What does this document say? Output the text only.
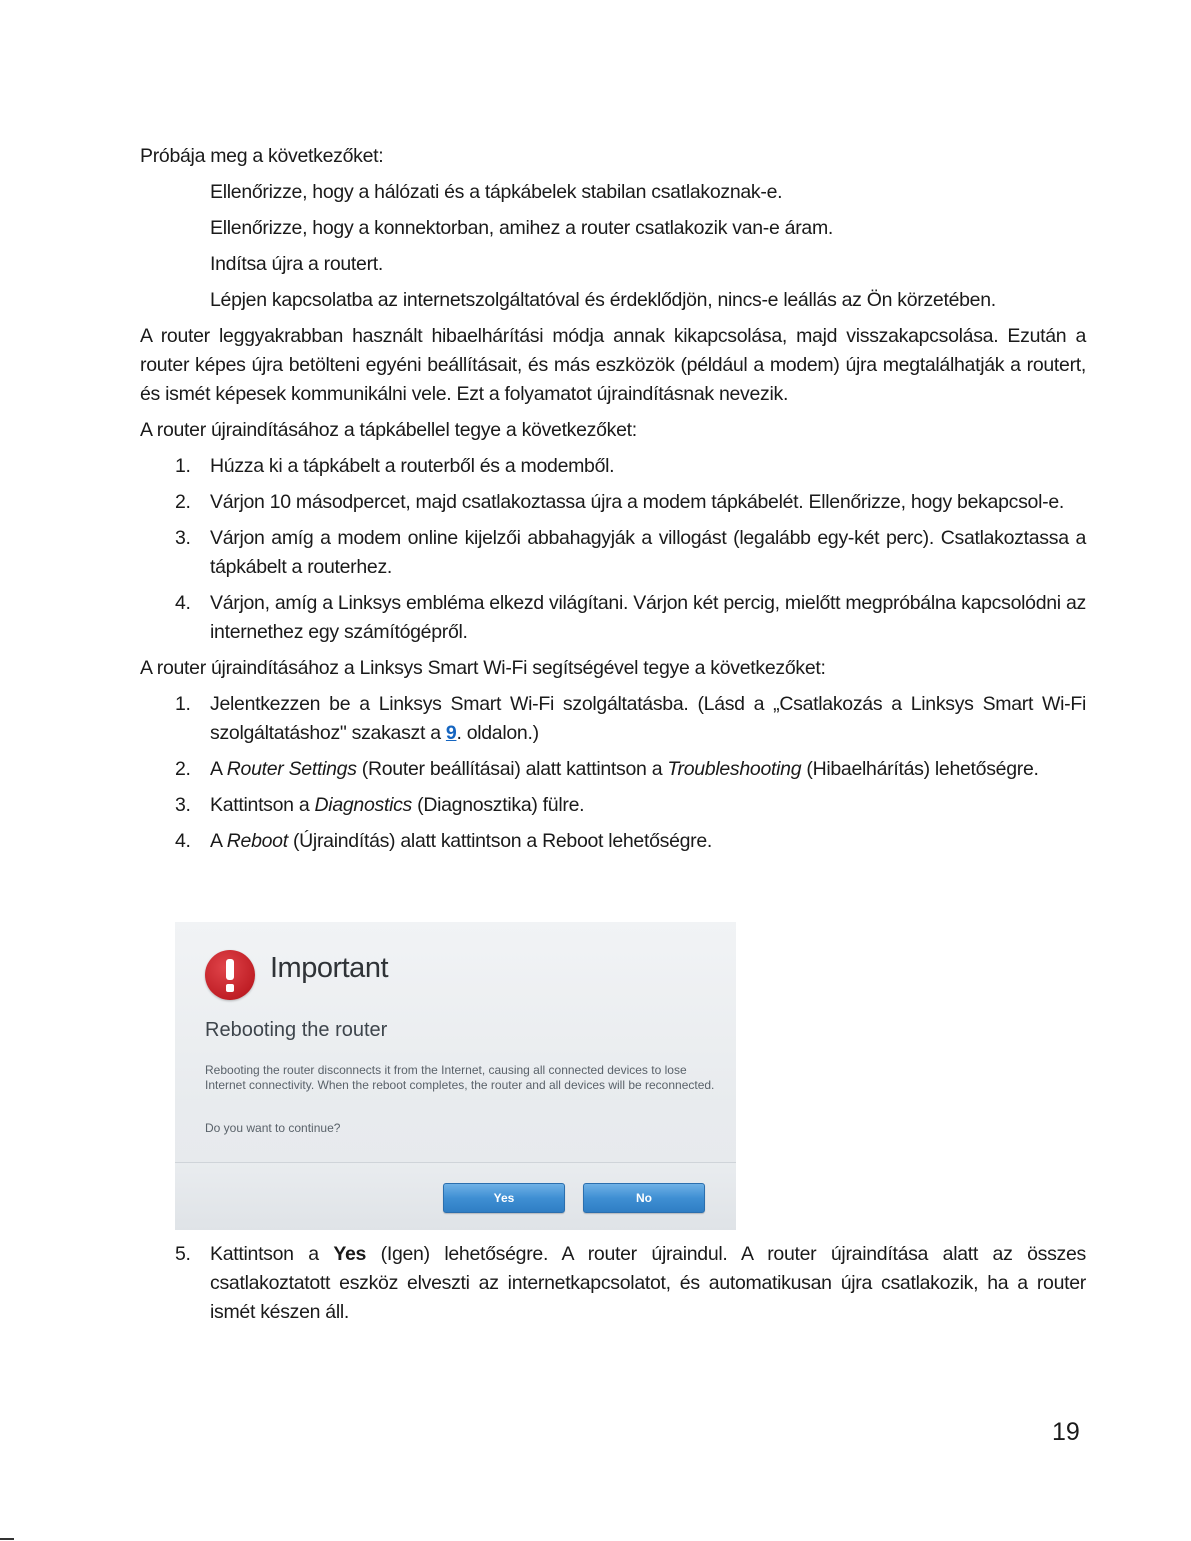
Próbája meg a következőket:

Ellenőrizze, hogy a hálózati és a tápkábelek stabilan csatlakoznak-e.
Ellenőrizze, hogy a konnektorban, amihez a router csatlakozik van-e áram.
Indítsa újra a routert.
Lépjen kapcsolatba az internetszolgáltatóval és érdeklődjön, nincs-e leállás az Ön körzetében.

A router leggyakrabban használt hibaelhárítási módja annak kikapcsolása, majd visszakapcsolása. Ezután a router képes újra betölteni egyéni beállításait, és más eszközök (például a modem) újra megtalálhatják a routert, és ismét képesek kommunikálni vele. Ezt a folyamatot újraindításnak nevezik.

A router újraindításához a tápkábellel tegye a következőket:

1. Húzza ki a tápkábelt a routerből és a modemből.
2. Várjon 10 másodpercet, majd csatlakoztassa újra a modem tápkábelét. Ellenőrizze, hogy bekapcsol-e.
3. Várjon amíg a modem online kijelzői abbahagyják a villogást (legalább egy-két perc). Csatlakoztassa a tápkábelt a routerhez.
4. Várjon, amíg a Linksys embléma elkezd világítani. Várjon két percig, mielőtt megpróbálna kapcsolódni az internethez egy számítógépről.

A router újraindításához a Linksys Smart Wi-Fi segítségével tegye a következőket:

1. Jelentkezzen be a Linksys Smart Wi-Fi szolgáltatásba. (Lásd a „Csatlakozás a Linksys Smart Wi-Fi szolgáltatáshoz" szakaszt a 9. oldalon.)
2. A Router Settings (Router beállításai) alatt kattintson a Troubleshooting (Hibaelhárítás) lehetőségre.
3. Kattintson a Diagnostics (Diagnosztika) fülre.
4. A Reboot (Újraindítás) alatt kattintson a Reboot lehetőségre.
Important
Rebooting the router
Rebooting the router disconnects it from the Internet, causing all connected devices to lose Internet connectivity. When the reboot completes, the router and all devices will be reconnected.
Do you want to continue?
Yes	No
5. Kattintson a Yes (Igen) lehetőségre. A router újraindul. A router újraindítása alatt az összes csatlakoztatott eszköz elveszti az internetkapcsolatot, és automatikusan újra csatlakozik, ha a router ismét készen áll.
19
